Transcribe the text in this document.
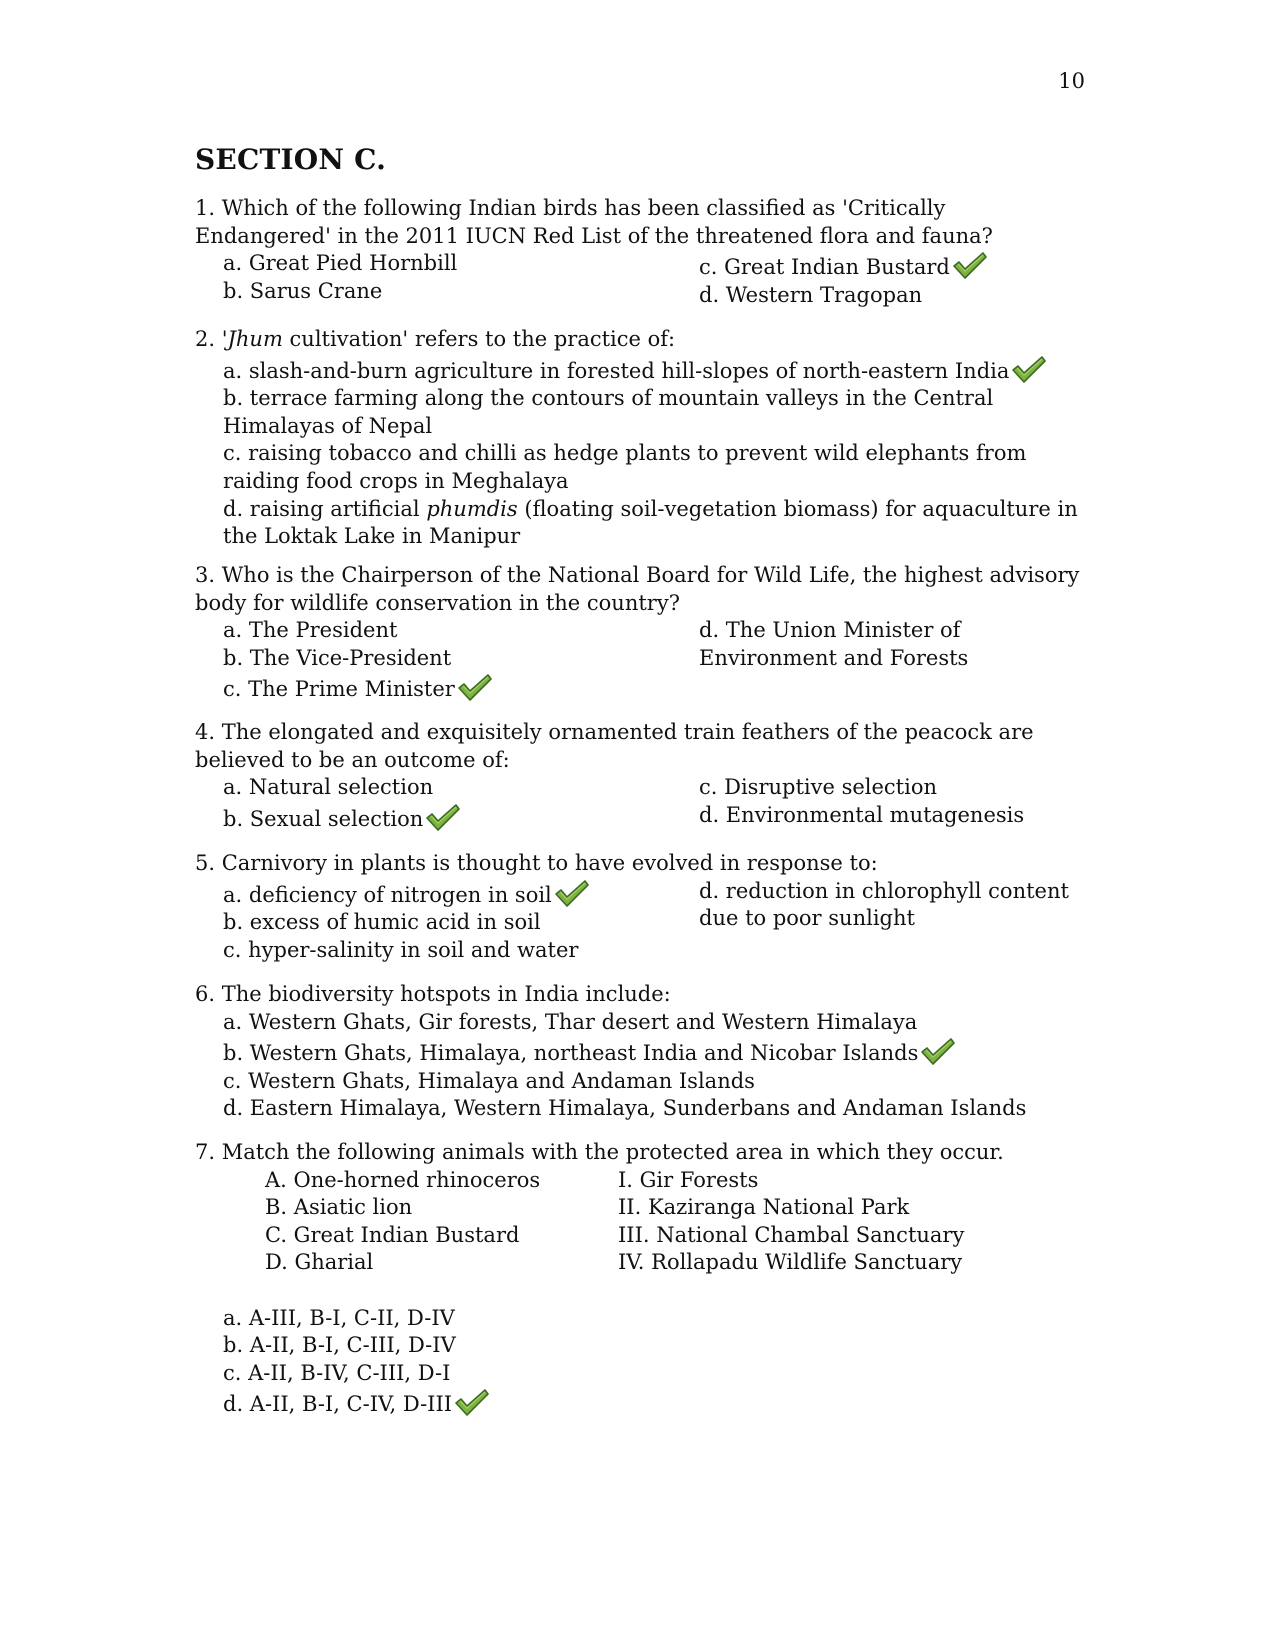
10
SECTION C.

1. Which of the following Indian birds has been classified as 'Critically Endangered' in the 2011 IUCN Red List of the threatened flora and fauna?

a. Great Pied Hornbill

b. Sarus Crane

c. Great Indian Bustard

d. Western Tragopan

2. 'Jhum cultivation' refers to the practice of:

a. slash-and-burn agriculture in forested hill-slopes of north-eastern India

b. terrace farming along the contours of mountain valleys in the Central Himalayas of Nepal

c. raising tobacco and chilli as hedge plants to prevent wild elephants from raiding food crops in Meghalaya

d. raising artificial phumdis (floating soil-vegetation biomass) for aquaculture in the Loktak Lake in Manipur

3. Who is the Chairperson of the National Board for Wild Life, the highest advisory body for wildlife conservation in the country?

a. The President

b. The Vice-President

c. The Prime Minister

d. The Union Minister of

Environment and Forests

4. The elongated and exquisitely ornamented train feathers of the peacock are believed to be an outcome of:

a. Natural selection

b. Sexual selection

c. Disruptive selection

d. Environmental mutagenesis

5. Carnivory in plants is thought to have evolved in response to:

a. deficiency of nitrogen in soil

b. excess of humic acid in soil

c. hyper-salinity in soil and water

d. reduction in chlorophyll content

due to poor sunlight

6. The biodiversity hotspots in India include:

a. Western Ghats, Gir forests, Thar desert and Western Himalaya

b. Western Ghats, Himalaya, northeast India and Nicobar Islands

c. Western Ghats, Himalaya and Andaman Islands

d. Eastern Himalaya, Western Himalaya, Sunderbans and Andaman Islands

7. Match the following animals with the protected area in which they occur.

A. One-horned rhinoceros

B. Asiatic lion

C. Great Indian Bustard

D. Gharial

I. Gir Forests

II. Kaziranga National Park

III. National Chambal Sanctuary

IV. Rollapadu Wildlife Sanctuary

a. A-III, B-I, C-II, D-IV

b. A-II, B-I, C-III, D-IV

c. A-II, B-IV, C-III, D-I

d. A-II, B-I, C-IV, D-III
